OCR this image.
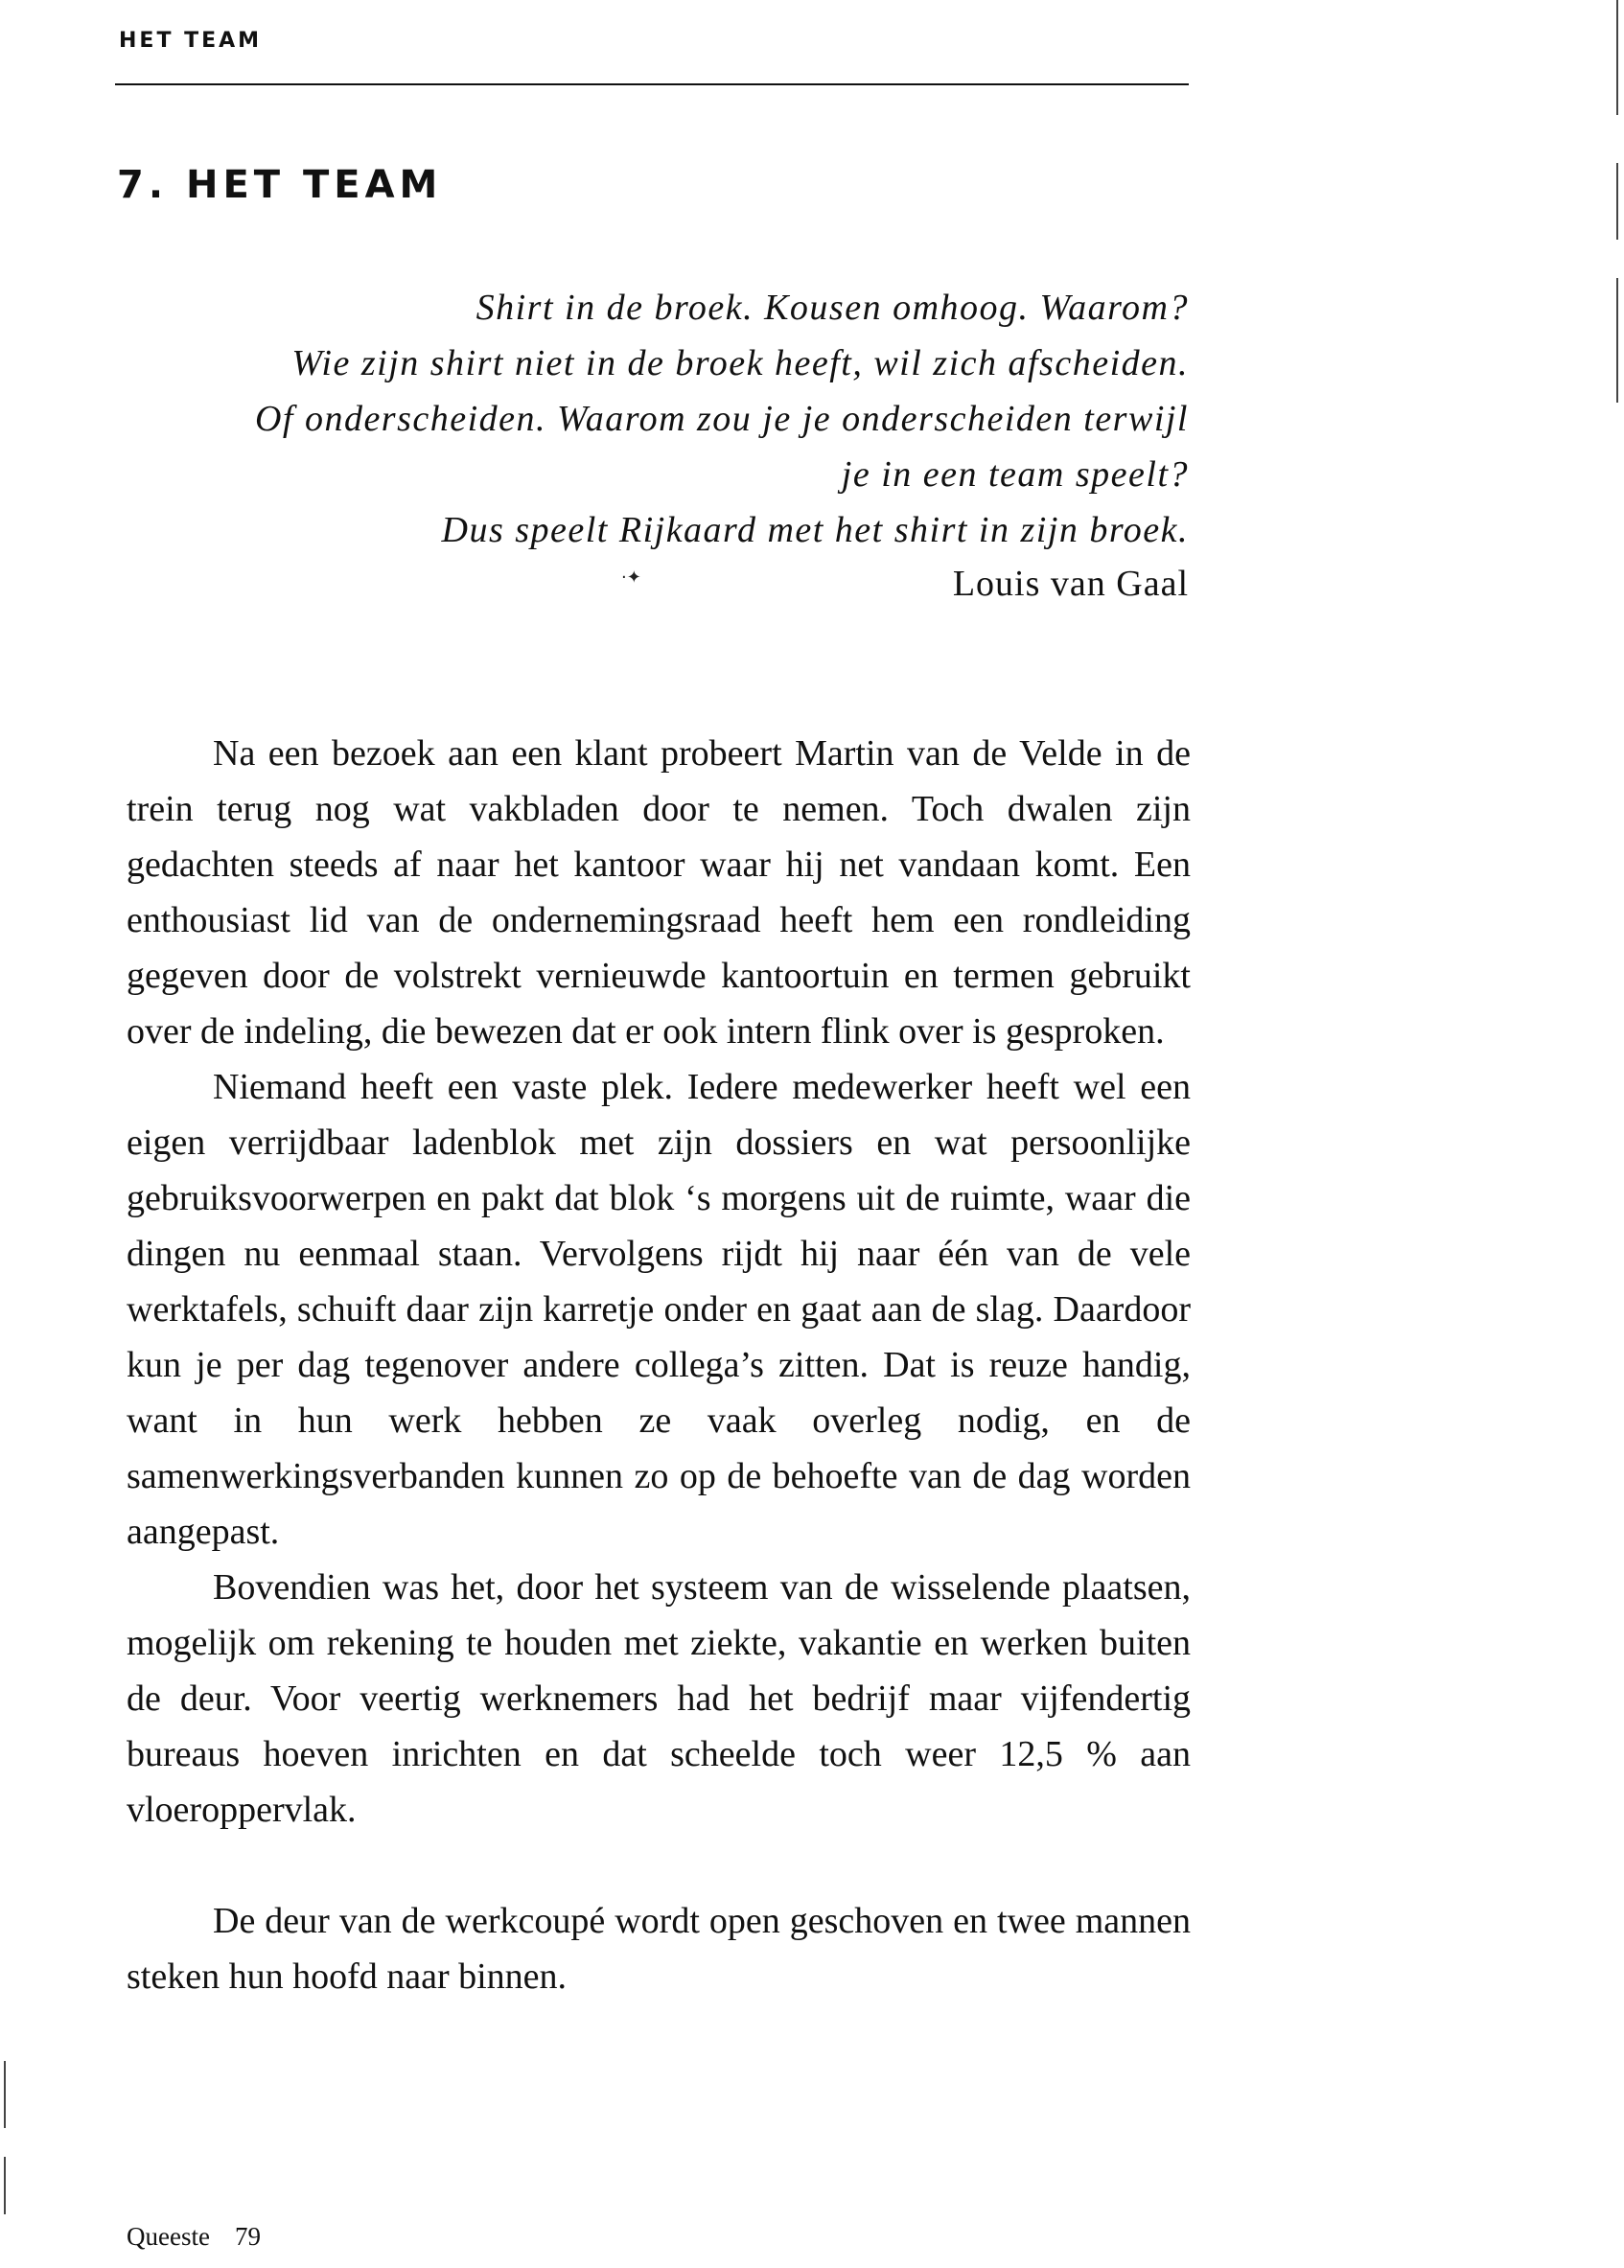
HET TEAM
7. HET TEAM
Shirt in de broek. Kousen omhoog. Waarom?
Wie zijn shirt niet in de broek heeft, wil zich afscheiden.
Of onderscheiden. Waarom zou je je onderscheiden terwijl
je in een team speelt?
Dus speelt Rijkaard met het shirt in zijn broek.
·✦	Louis van Gaal

Na een bezoek aan een klant probeert Martin van de Velde in de trein terug nog wat vakbladen door te nemen. Toch dwalen zijn gedachten steeds af naar het kantoor waar hij net vandaan komt. Een enthousiast lid van de ondernemingsraad heeft hem een rondleiding gegeven door de volstrekt vernieuwde kantoortuin en termen gebruikt over de indeling, die bewezen dat er ook intern flink over is gesproken.

Niemand heeft een vaste plek. Iedere medewerker heeft wel een eigen verrijdbaar ladenblok met zijn dossiers en wat persoonlijke gebruiksvoorwerpen en pakt dat blok ‘s morgens uit de ruimte, waar die dingen nu eenmaal staan. Vervolgens rijdt hij naar één van de vele werktafels, schuift daar zijn karretje onder en gaat aan de slag. Daardoor kun je per dag tegenover andere collega’s zitten. Dat is reuze handig, want in hun werk hebben ze vaak overleg nodig, en de samenwerkingsverbanden kunnen zo op de behoefte van de dag worden aangepast.

Bovendien was het, door het systeem van de wisselende plaatsen, mogelijk om rekening te houden met ziekte, vakantie en werken buiten de deur. Voor veertig werknemers had het bedrijf maar vijfendertig bureaus hoeven inrichten en dat scheelde toch weer 12,5 % aan vloeroppervlak.

De deur van de werkcoupé wordt open geschoven en twee mannen steken hun hoofd naar binnen.

Queeste 79
